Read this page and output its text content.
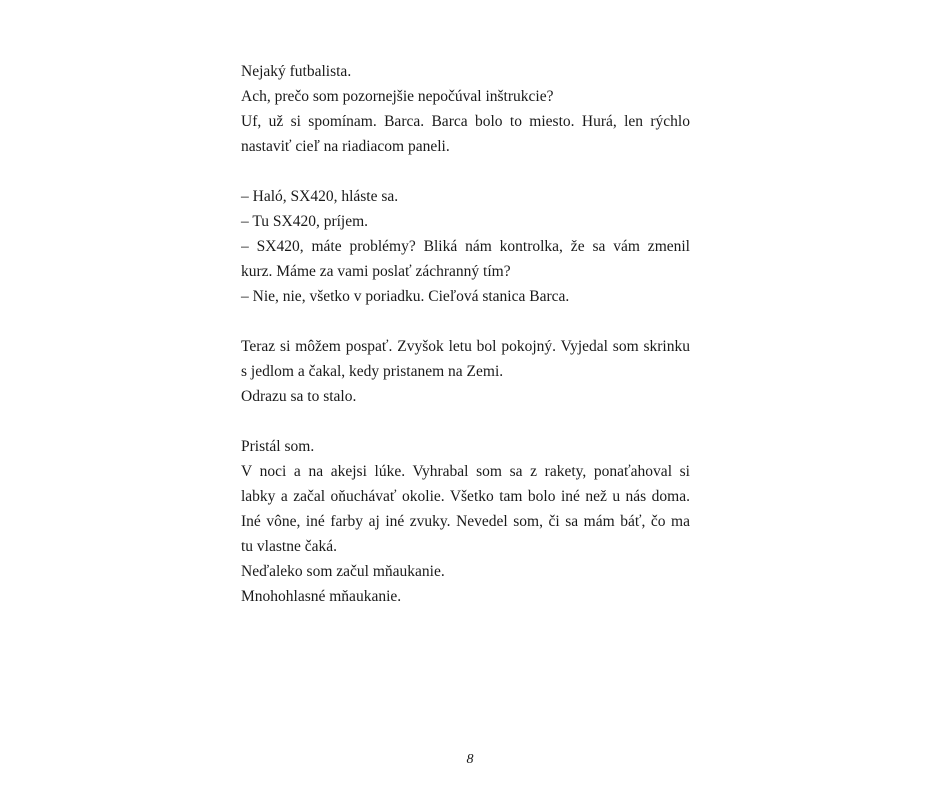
Nejaký futbalista.
Ach, prečo som pozornejšie nepočúval inštrukcie?
Uf, už si spomínam. Barca. Barca bolo to miesto. Hurá, len rýchlo
nastaviť cieľ na riadiacom paneli.
– Haló, SX420, hláste sa.
– Tu SX420, príjem.
– SX420, máte problémy? Bliká nám kontrolka, že sa vám zmenil
kurz. Máme za vami poslať záchranný tím?
– Nie, nie, všetko v poriadku. Cieľová stanica Barca.
Teraz si môžem pospať. Zvyšok letu bol pokojný. Vyjedal som skrinku
s jedlom a čakal, kedy pristanem na Zemi.
Odrazu sa to stalo.
Pristál som.
V noci a na akejsi lúke. Vyhrabal som sa z rakety, ponaťahoval si
labky a začal oňuchávať okolie. Všetko tam bolo iné než u nás doma.
Iné vône, iné farby aj iné zvuky. Nevedel som, či sa mám báť, čo ma
tu vlastne čaká.
Neďaleko som začul mňaukanie.
Mnohohlasné mňaukanie.
8
